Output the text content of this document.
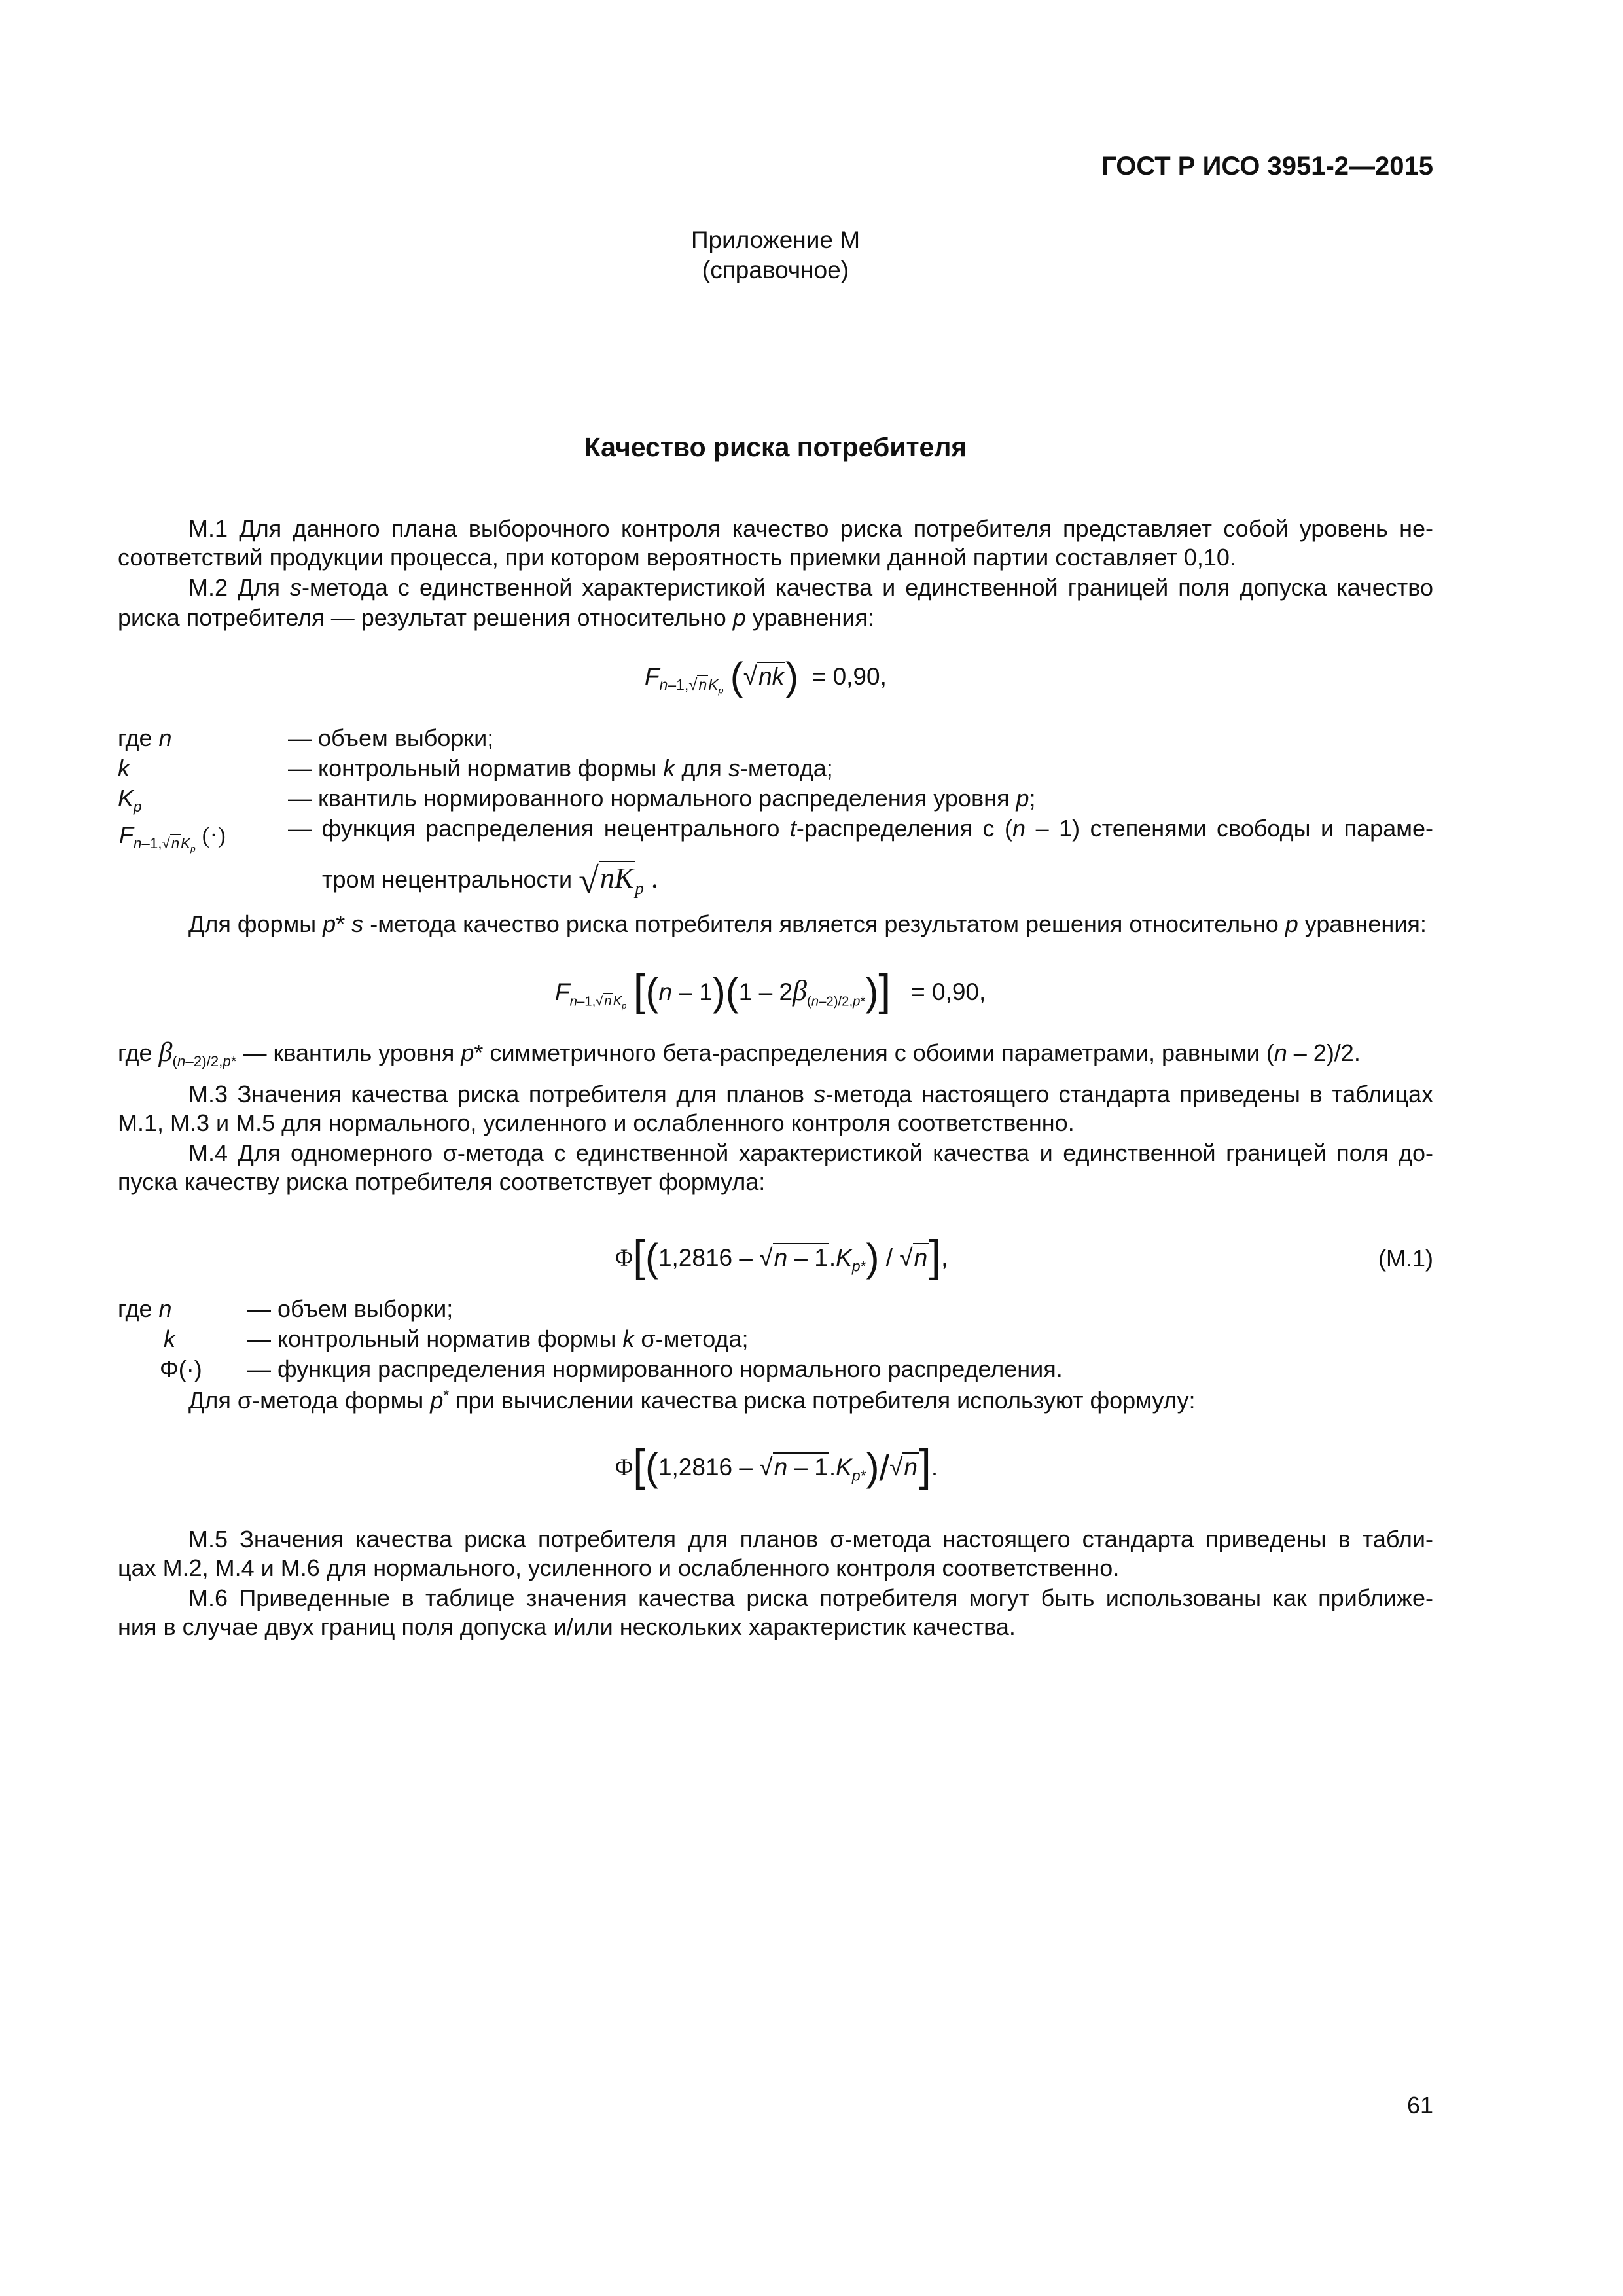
ГОСТ Р ИСО 3951-2—2015
Приложение М
(справочное)
Качество риска потребителя
М.1 Для данного плана выборочного контроля качество риска потребителя представляет собой уровень не-
соответствий продукции процесса, при котором вероятность приемки данной партии составляет 0,10.
М.2 Для s-метода с единственной характеристикой качества и единственной границей поля допуска качество
риска потребителя — результат решения относительно p уравнения:
$F_{n-1,√nK_p}$ (√nk) = 0,90,
где n	— объем выборки;
k	— контрольный норматив формы k для s-метода;
$K_p$	— квантиль нормированного нормального распределения уровня p;
$F_{n-1,√nK_p}$ (·)	— функция распределения нецентрального t-распределения с (n – 1) степенями свободы и параме-
тром нецентральности $√nK_p$ .
Для формы p* s -метода качество риска потребителя является результатом решения относительно p уравнения:
$F_{n-1,√nK_p}$ $[(n - 1)(1 - 2\beta_{(n-2)/2,p*})] = 0,90$,
где $\beta_{(n-2)/2,p*}$ — квантиль уровня p* симметричного бета-распределения с обоими параметрами, равными (n – 2)/2.
М.3 Значения качества риска потребителя для планов s-метода настоящего стандарта приведены в таблицах
М.1, М.3 и М.5 для нормального, усиленного и ослабленного контроля соответственно.
М.4 Для одномерного σ-метода с единственной характеристикой качества и единственной границей поля до-
пуска качеству риска потребителя соответствует формула:
$\Phi[(1,2816 - √n - 1.K_{p*}) / √n]$,	(М.1)
где n	— объем выборки;
k	— контрольный норматив формы k σ-метода;
Φ(·) — функция распределения нормированного нормального распределения.
Для σ-метода формы p* при вычислении качества риска потребителя используют формулу:
$\Phi[(1,2816 - √n - 1.K_{p*})/√n]$.
М.5 Значения качества риска потребителя для планов σ-метода настоящего стандарта приведены в табли-
цах М.2, М.4 и М.6 для нормального, усиленного и ослабленного контроля соответственно.
М.6 Приведенные в таблице значения качества риска потребителя могут быть использованы как приближе-
ния в случае двух границ поля допуска и/или нескольких характеристик качества.
61
